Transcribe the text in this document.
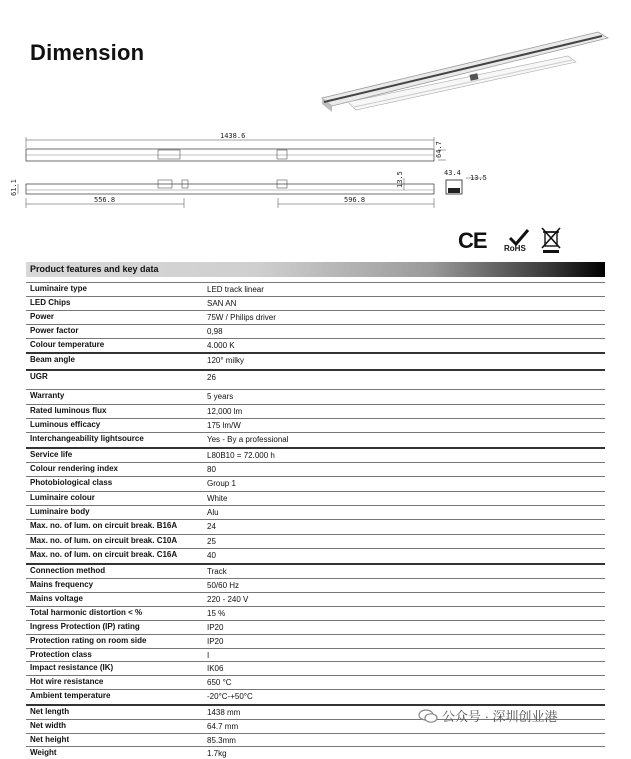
Dimension
1438.6
64.7
61.1	13.5
556.8	596.8
43.4
13.5
CE RoHS
Product features and key data
Luminaire type	LED track linear
LED Chips	SAN AN
Power	75W / Philips driver
Power factor	0,98
Colour temperature	4.000 K
Beam angle	120° milky
UGR	26
Warranty	5 years
Rated luminous flux	12,000 lm
Luminous efficacy	175 lm/W
Interchangeability lightsource	Yes - By a professional
Service life	L80B10 = 72.000 h
Colour rendering index	80
Photobiological class	Group 1
Luminaire colour	White
Luminaire body	Alu
Max. no. of lum. on circuit break. B16A	24
Max. no. of lum. on circuit break. C10A	25
Max. no. of lum. on circuit break. C16A	40
Connection method	Track
Mains frequency	50/60 Hz
Mains voltage	220 - 240 V
Total harmonic distortion < %	15 %
Ingress Protection (IP) rating	IP20
Protection rating on room side	IP20
Protection class	I
Impact resistance (IK)	IK06
Hot wire resistance	650 °C
Ambient temperature	-20°C-+50°C
Net length	1438 mm
Net width	64.7 mm
Net height	85.3mm
Weight	1.7kg
公众号 · 深圳创业港
